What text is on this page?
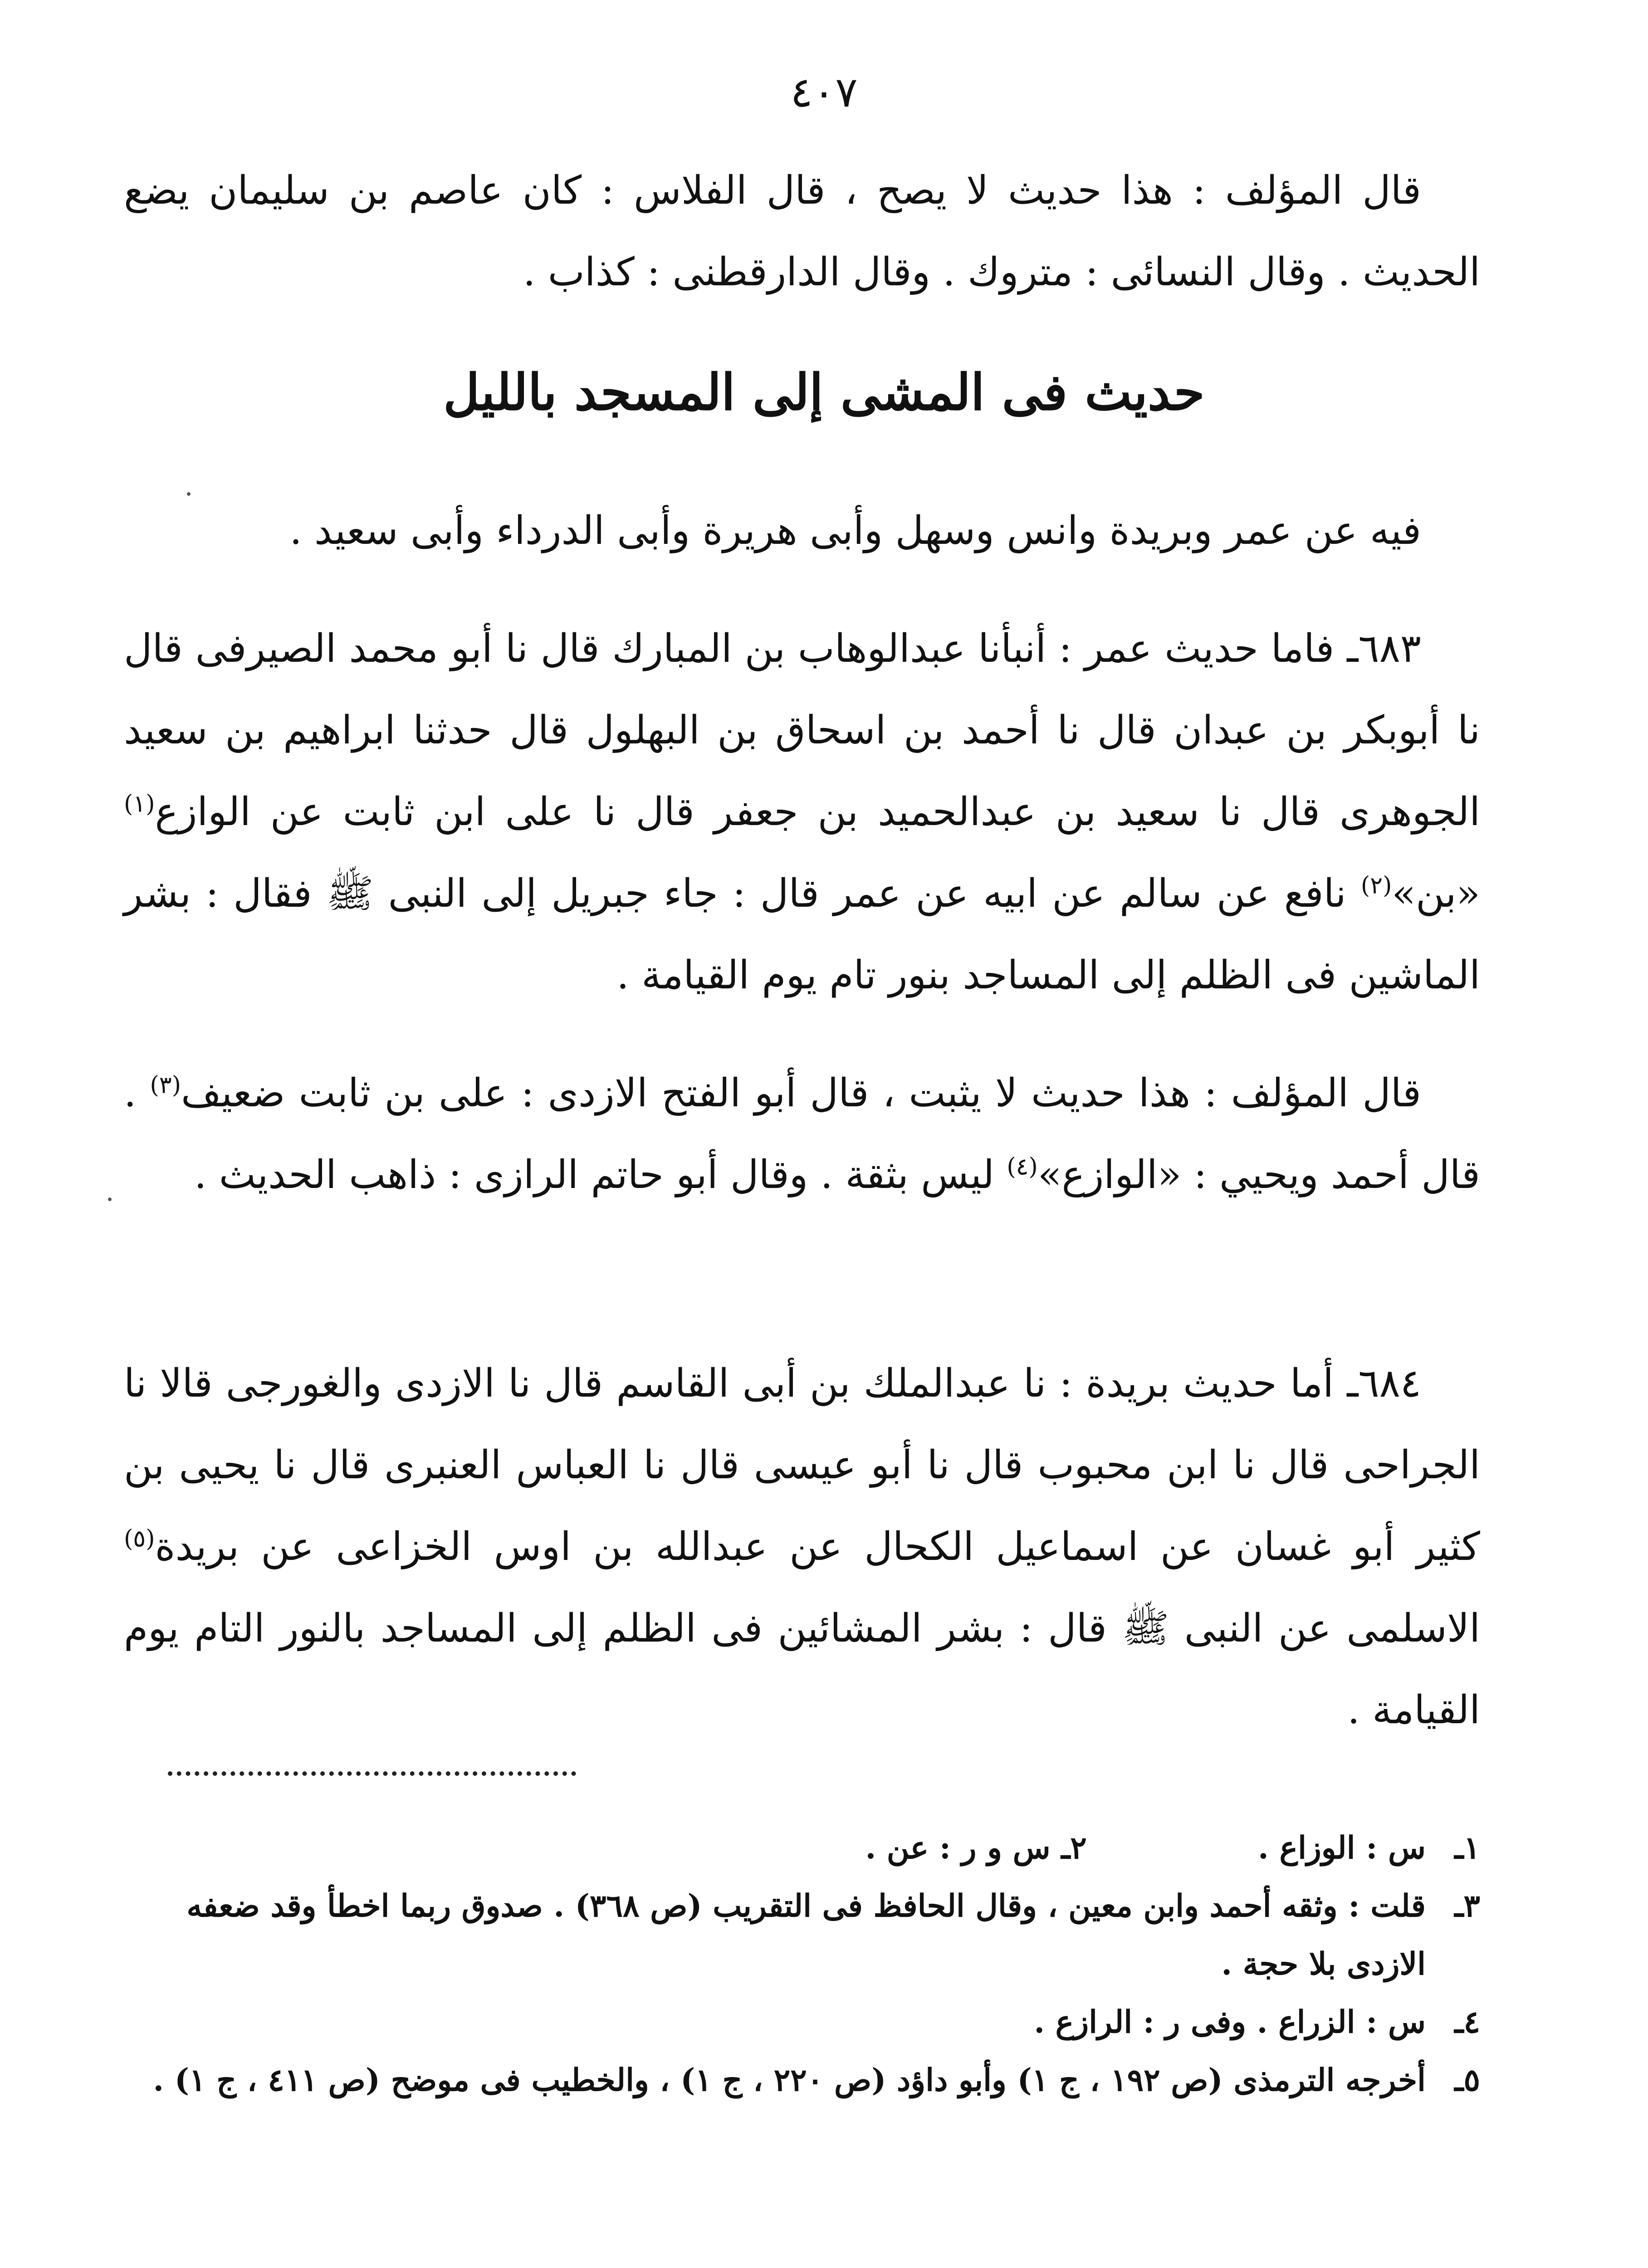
٤٠٧

قال المؤلف : هذا حديث لا يصح ، قال الفلاس : كان عاصم بن سليمان يضع الحديث . وقال النسائى : متروك . وقال الدارقطنى : كذاب .

حديث فى المشى إلى المسجد بالليل

فيه عن عمر وبريدة وانس وسهل وأبى هريرة وأبى الدرداء وأبى سعيد .

٦٨٣ـ فاما حديث عمر : أنبأنا عبدالوهاب بن المبارك قال نا أبو محمد الصيرفى قال نا أبوبكر بن عبدان قال نا أحمد بن اسحاق بن البهلول قال حدثنا ابراهيم بن سعيد الجوهرى قال نا سعيد بن عبدالحميد بن جعفر قال نا على ابن ثابت عن الوازع$^{(١)}$ «بن»$^{(٢)}$ نافع عن سالم عن ابيه عن عمر قال : جاء جبريل إلى النبى ﷺ فقال : بشر الماشين فى الظلم إلى المساجد بنور تام يوم القيامة .

قال المؤلف : هذا حديث لا يثبت ، قال أبو الفتح الازدى : على بن ثابت ضعيف$^{(٣)}$ . قال أحمد ويحيي : «الوازع»$^{(٤)}$ ليس بثقة . وقال أبو حاتم الرازى : ذاهب الحديث .

٦٨٤ـ أما حديث بريدة : نا عبدالملك بن أبى القاسم قال نا الازدى والغورجى قالا نا الجراحى قال نا ابن محبوب قال نا أبو عيسى قال نا العباس العنبرى قال نا يحيى بن كثير أبو غسان عن اسماعيل الكحال عن عبدالله بن اوس الخزاعى عن بريدة$^{(٥)}$ الاسلمى عن النبى ﷺ قال : بشر المشائين فى الظلم إلى المساجد بالنور التام يوم القيامة .

١ـ
س : الوزاع .  ٢ـ س و ر : عن .
٣ـ
قلت : وثقه أحمد وابن معين ، وقال الحافظ فى التقريب (ص ٣٦٨) . صدوق ربما اخطأ وقد ضعفه الازدى بلا حجة .
٤ـ
س : الزراع . وفى ر : الرازع .
٥ـ
أخرجه الترمذى (ص ١٩٢ ، ج ١) وأبو داؤد (ص ٢٢٠ ، ج ١) ، والخطيب فى موضح (ص ٤١١ ، ج ١) .
